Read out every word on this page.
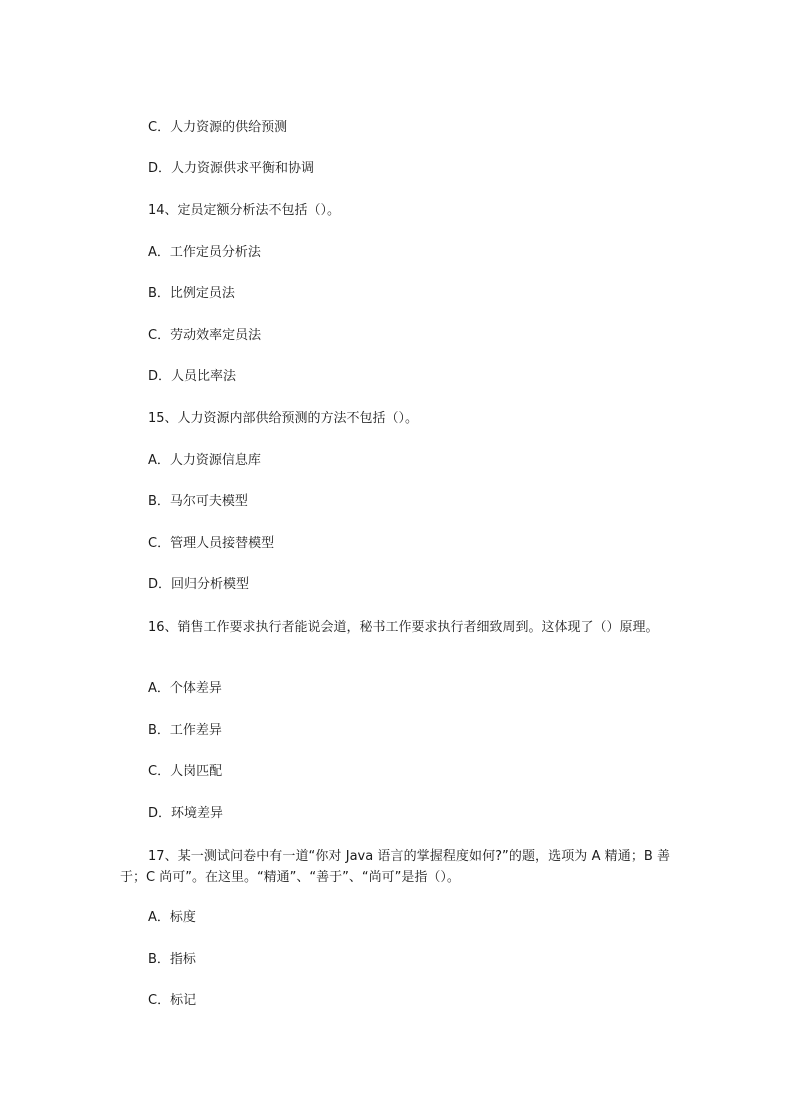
C．人力资源的供给预测
D．人力资源供求平衡和协调
14、定员定额分析法不包括（）。
A．工作定员分析法
B．比例定员法
C．劳动效率定员法
D．人员比率法
15、人力资源内部供给预测的方法不包括（）。
A．人力资源信息库
B．马尔可夫模型
C．管理人员接替模型
D．回归分析模型
16、销售工作要求执行者能说会道，秘书工作要求执行者细致周到。这体现了（）原理。
A．个体差异
B．工作差异
C．人岗匹配
D．环境差异
17、某一测试问卷中有一道“你对 Java 语言的掌握程度如何?”的题，选项为 A 精通；B 善于；C 尚可”。在这里。“精通”、“善于”、“尚可”是指（）。
A．标度
B．指标
C．标记
